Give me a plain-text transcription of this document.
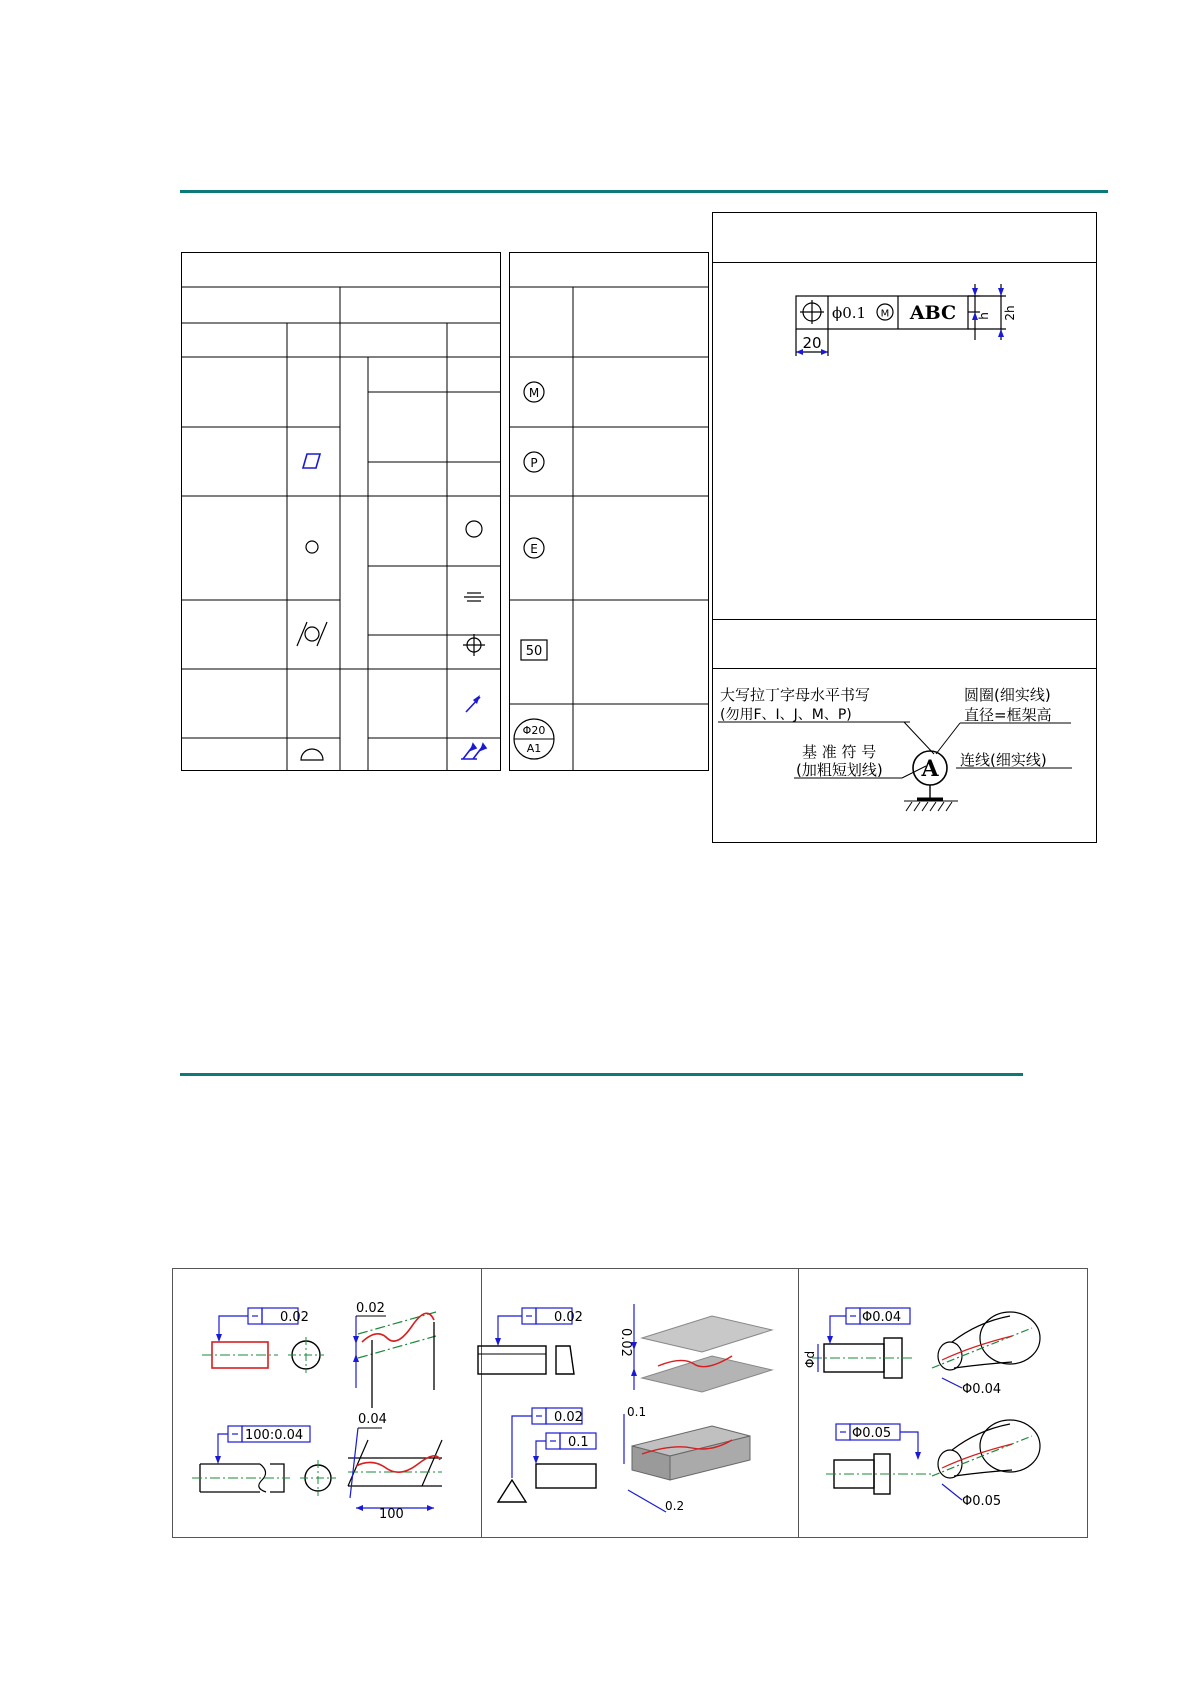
M
P
E
50
Φ20
A1
ϕ0.1 M ABC
20
h 2h
A
大写拉丁字母水平书写
(勿用F、I、J、M、P)
圆圈(细实线)
直径=框架高
基 准 符 号
(加粗短划线)
连线(细实线)
0.02
0.02
100:0.04
0.04
100
0.02
0.02
0.02
0.1
0.1
0.2
Φd
Φ0.04
Φ0.04
Φ0.05
Φ0.05
